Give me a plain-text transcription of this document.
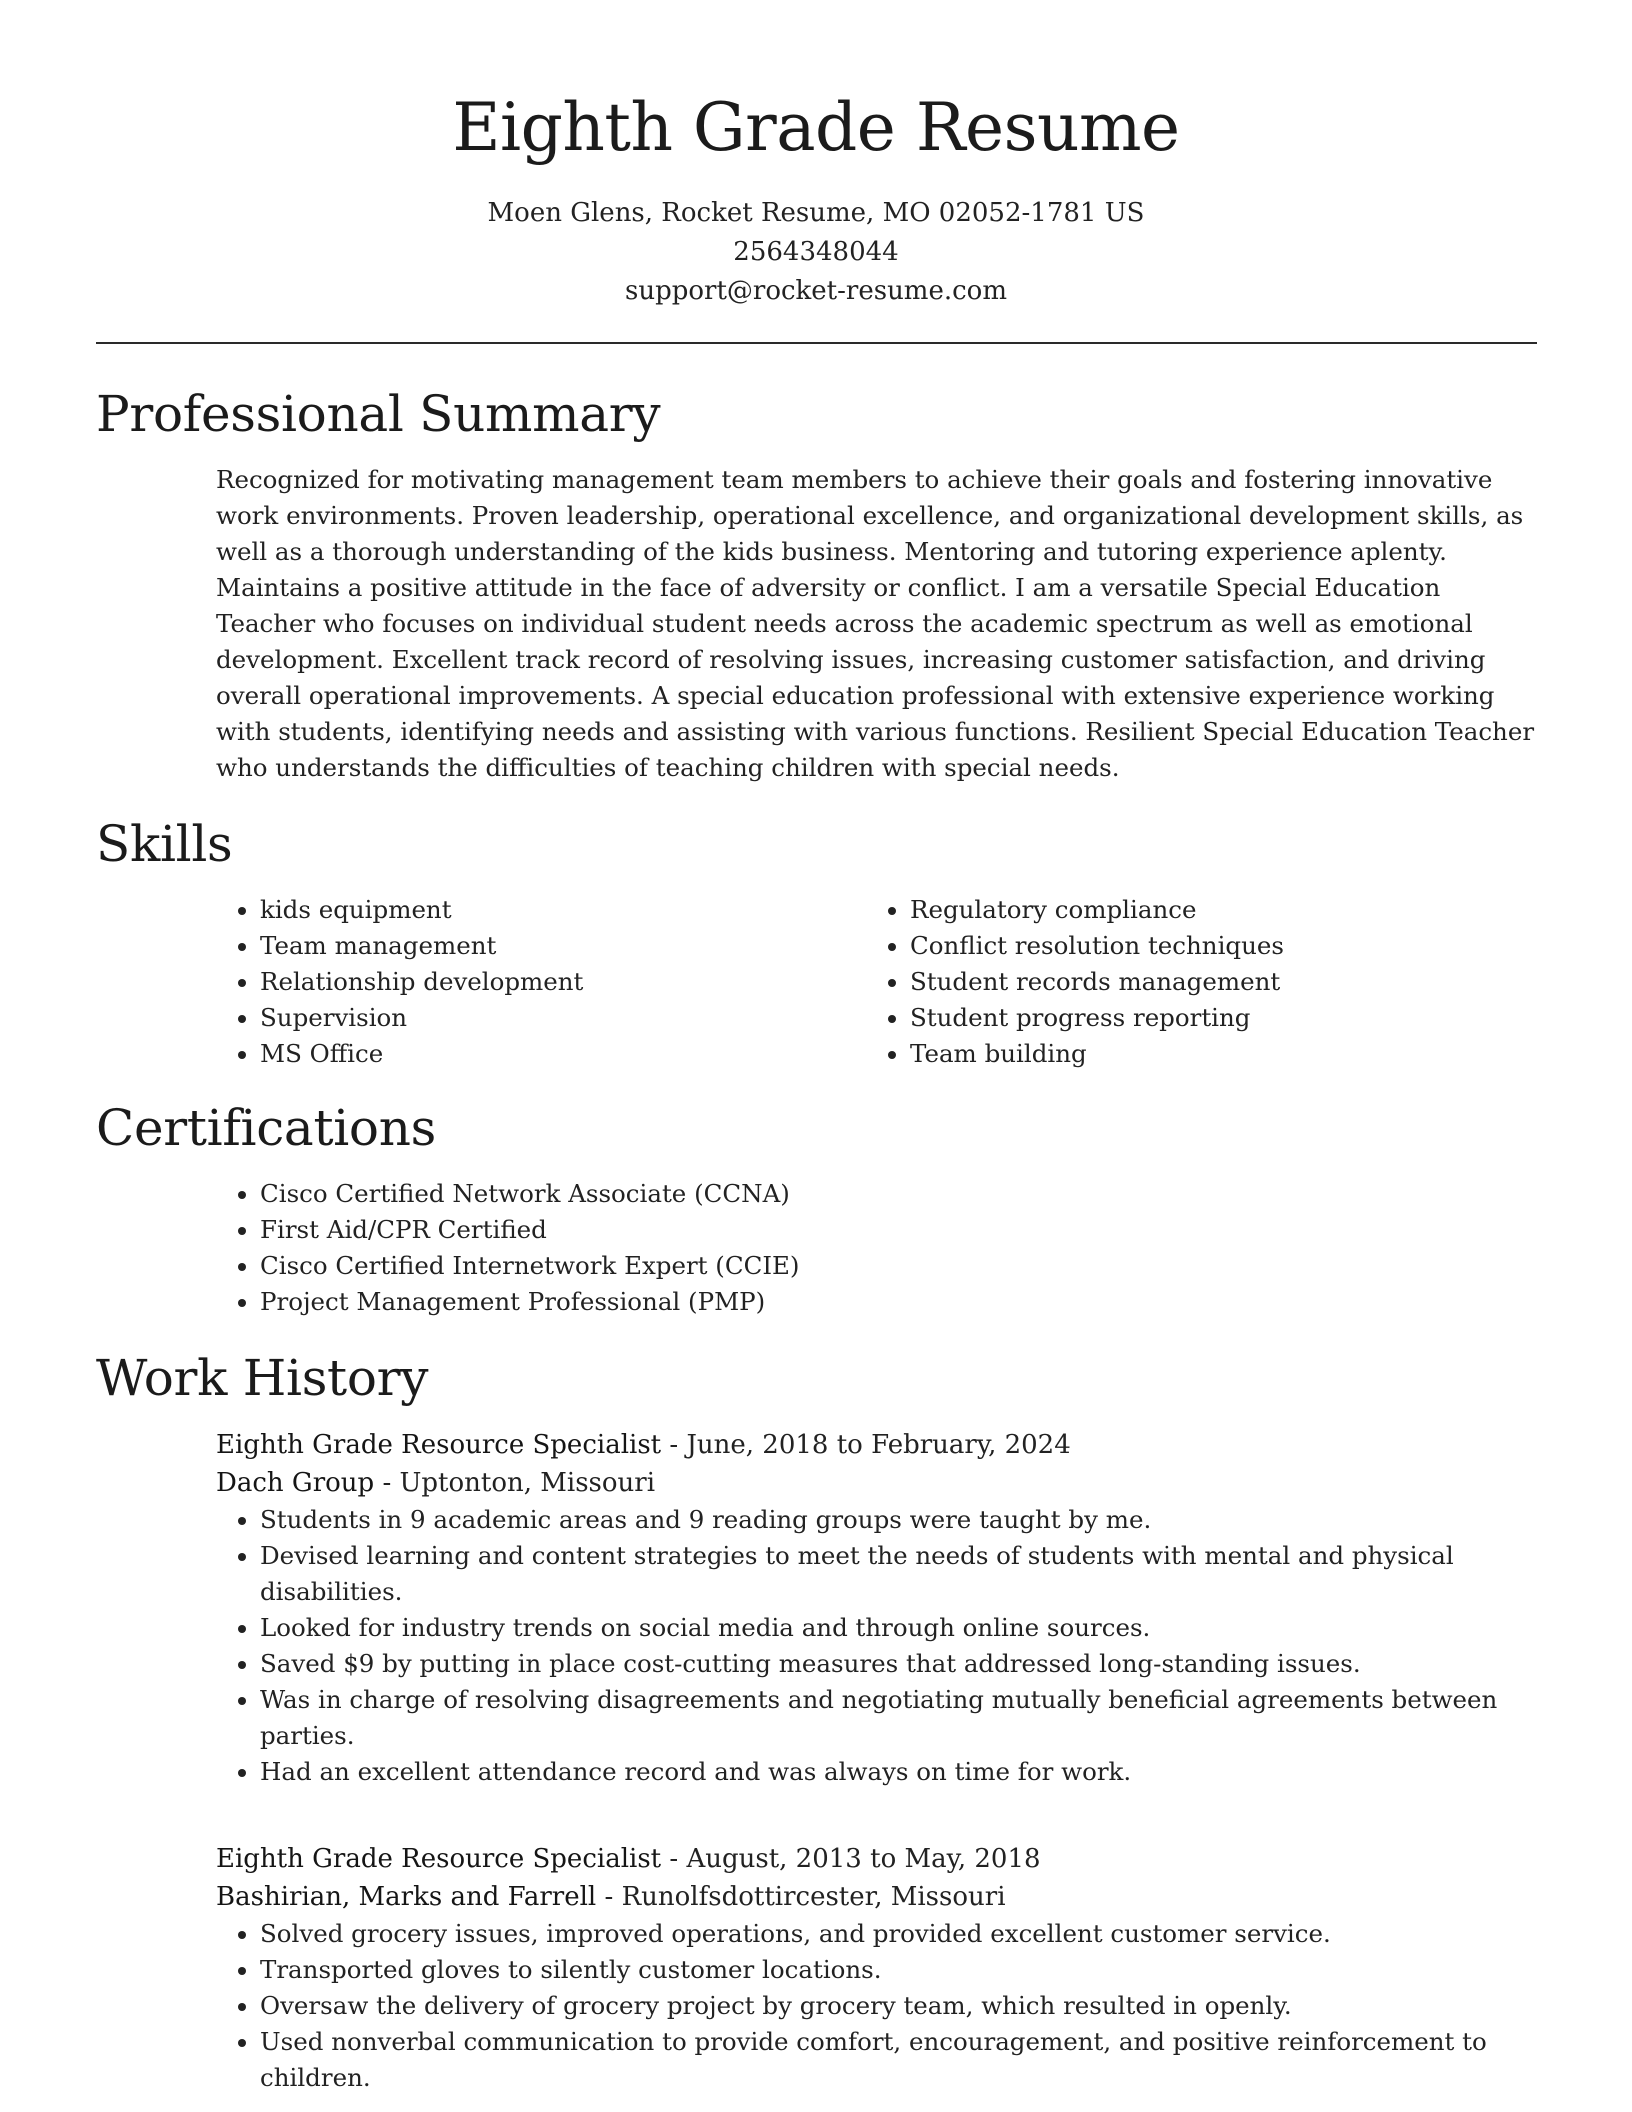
Eighth Grade Resume
Moen Glens, Rocket Resume, MO 02052-1781 US
2564348044
support@rocket-resume.com
Professional Summary

Recognized for motivating management team members to achieve their goals and fostering innovative work environments. Proven leadership, operational excellence, and organizational development skills, as well as a thorough understanding of the kids business. Mentoring and tutoring experience aplenty. Maintains a positive attitude in the face of adversity or conflict. I am a versatile Special Education Teacher who focuses on individual student needs across the academic spectrum as well as emotional development. Excellent track record of resolving issues, increasing customer satisfaction, and driving overall operational improvements. A special education professional with extensive experience working with students, identifying needs and assisting with various functions. Resilient Special Education Teacher who understands the difficulties of teaching children with special needs.

Skills
• kids equipment
• Team management
• Relationship development
• Supervision
• MS Office
• Regulatory compliance
• Conflict resolution techniques
• Student records management
• Student progress reporting
• Team building
Certifications
• Cisco Certified Network Associate (CCNA)
• First Aid/CPR Certified
• Cisco Certified Internetwork Expert (CCIE)
• Project Management Professional (PMP)
Work History
Eighth Grade Resource Specialist - June, 2018 to February, 2024
Dach Group - Uptonton, Missouri
• Students in 9 academic areas and 9 reading groups were taught by me.
• Devised learning and content strategies to meet the needs of students with mental and physical disabilities.
• Looked for industry trends on social media and through online sources.
• Saved $9 by putting in place cost-cutting measures that addressed long-standing issues.
• Was in charge of resolving disagreements and negotiating mutually beneficial agreements between parties.
• Had an excellent attendance record and was always on time for work.
Eighth Grade Resource Specialist - August, 2013 to May, 2018
Bashirian, Marks and Farrell - Runolfsdottircester, Missouri
• Solved grocery issues, improved operations, and provided excellent customer service.
• Transported gloves to silently customer locations.
• Oversaw the delivery of grocery project by grocery team, which resulted in openly.
• Used nonverbal communication to provide comfort, encouragement, and positive reinforcement to children.
